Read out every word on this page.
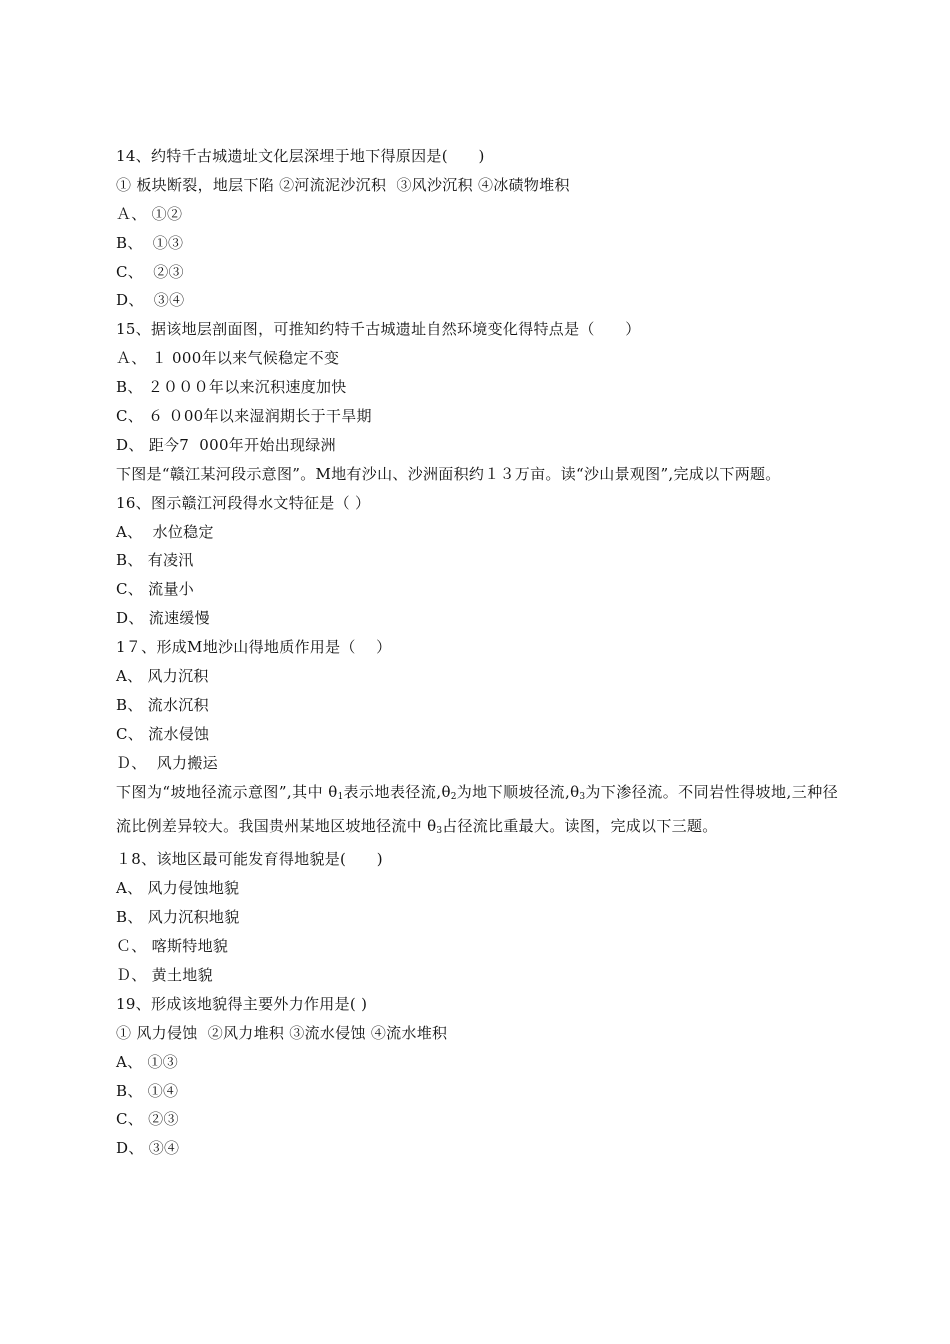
14、约特千古城遗址文化层深埋于地下得原因是(　　)
① 板块断裂，地层下陷 ②河流泥沙沉积  ③风沙沉积 ④冰碛物堆积
Ａ、 ①②
B、  ①③
C、  ②③
D、  ③④
15、据该地层剖面图，可推知约特千古城遗址自然环境变化得特点是（　　）
Ａ、 １ 000年以来气候稳定不变
B、 ２０００年以来沉积速度加快
C、 ６ ０00年以来湿润期长于干旱期
D、 距今7  000年开始出现绿洲
下图是“赣江某河段示意图”。M地有沙山、沙洲面积约１３万亩。读“沙山景观图”,完成以下两题。
16、图示赣江河段得水文特征是（ ）
A、  水位稳定
B、 有凌汛
C、 流量小
D、 流速缓慢
1７、形成M地沙山得地质作用是（　 ）
A、 风力沉积
B、 流水沉积
C、 流水侵蚀
Ｄ、  风力搬运
下图为“坡地径流示意图”,其中 $\theta_1$表示地表径流$,\theta_2$为地下顺坡径流$,\theta_3$为下渗径流。不同岩性得坡地,三种径流比例差异较大。我国贵州某地区坡地径流中 $\theta_3$占径流比重最大。读图，完成以下三题。
１8、该地区最可能发育得地貌是(　　)
A、 风力侵蚀地貌
B、 风力沉积地貌
Ｃ、 喀斯特地貌
Ｄ、 黄土地貌
19、形成该地貌得主要外力作用是( )
① 风力侵蚀  ②风力堆积 ③流水侵蚀 ④流水堆积
A、 ①③
B、 ①④
C、 ②③
D、 ③④
